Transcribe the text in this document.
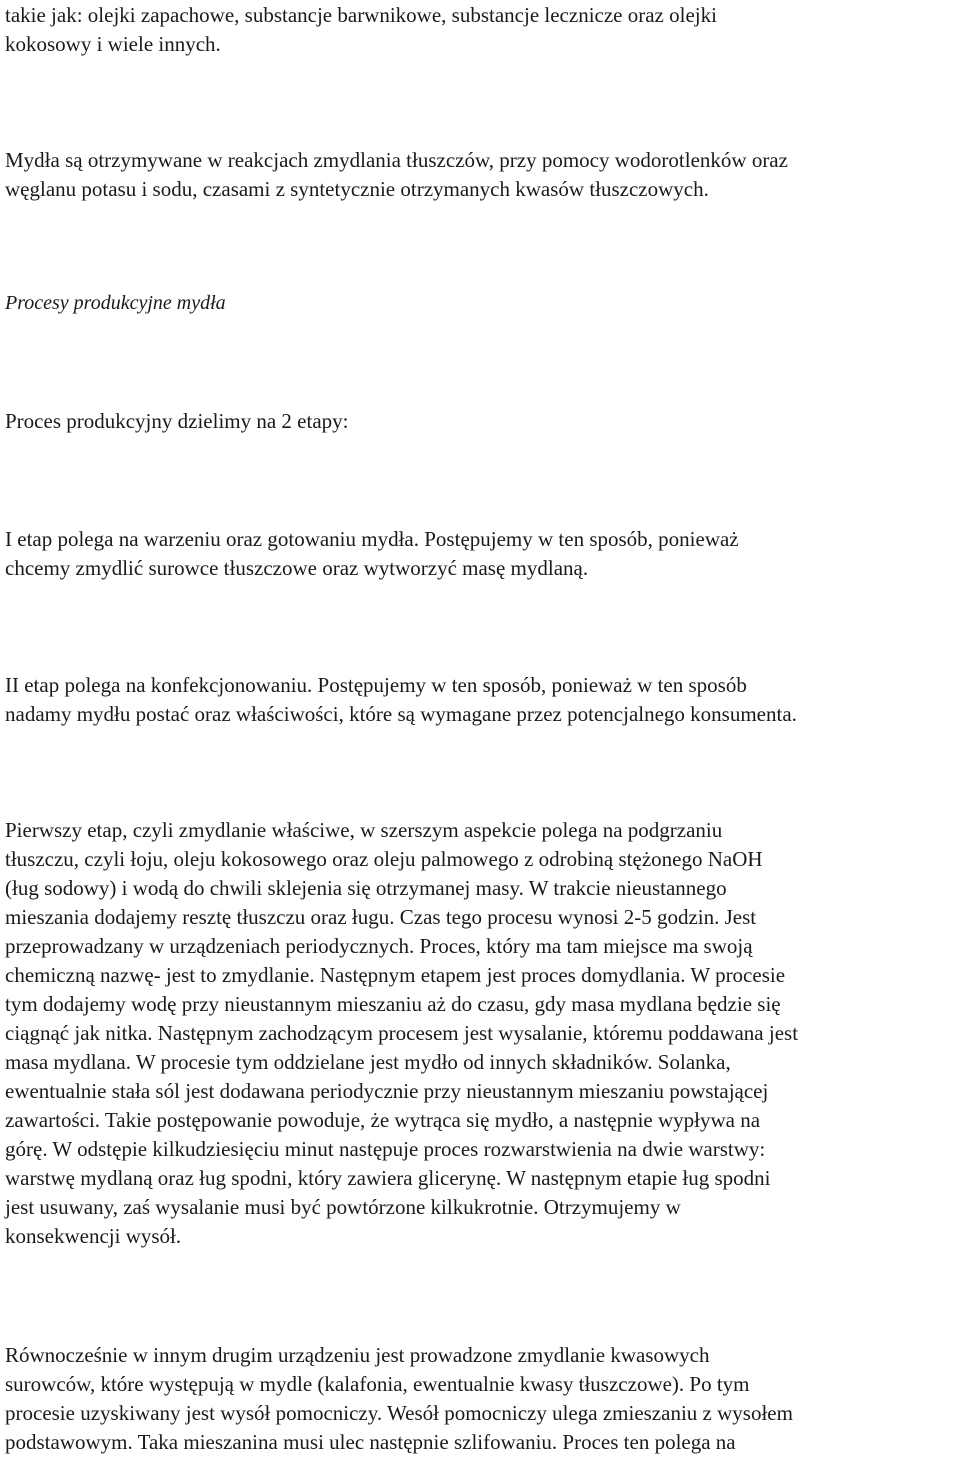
takie jak: olejki zapachowe, substancje barwnikowe, substancje lecznicze oraz olejki
kokosowy i wiele innych.

Mydła są otrzymywane w reakcjach zmydlania tłuszczów, przy pomocy wodorotlenków oraz
węglanu potasu i sodu, czasami z syntetycznie otrzymanych kwasów tłuszczowych.

Procesy produkcyjne mydła

Proces produkcyjny dzielimy na 2 etapy:

I etap polega na warzeniu oraz gotowaniu mydła. Postępujemy w ten sposób, ponieważ
chcemy zmydlić surowce tłuszczowe oraz wytworzyć masę mydlaną.

II etap polega na konfekcjonowaniu. Postępujemy w ten sposób, ponieważ w ten sposób
nadamy mydłu postać oraz właściwości, które są wymagane przez potencjalnego konsumenta.

Pierwszy etap, czyli zmydlanie właściwe, w szerszym aspekcie polega na podgrzaniu
tłuszczu, czyli łoju, oleju kokosowego oraz oleju palmowego z odrobiną stężonego NaOH
(ług sodowy) i wodą do chwili sklejenia się otrzymanej masy. W trakcie nieustannego
mieszania dodajemy resztę tłuszczu oraz ługu. Czas tego procesu wynosi 2-5 godzin. Jest
przeprowadzany w urządzeniach periodycznych. Proces, który ma tam miejsce ma swoją
chemiczną nazwę- jest to zmydlanie. Następnym etapem jest proces domydlania. W procesie
tym dodajemy wodę przy nieustannym mieszaniu aż do czasu, gdy masa mydlana będzie się
ciągnąć jak nitka. Następnym zachodzącym procesem jest wysalanie, któremu poddawana jest
masa mydlana. W procesie tym oddzielane jest mydło od innych składników. Solanka,
ewentualnie stała sól jest dodawana periodycznie przy nieustannym mieszaniu powstającej
zawartości. Takie postępowanie powoduje, że wytrąca się mydło, a następnie wypływa na
górę. W odstępie kilkudziesięciu minut następuje proces rozwarstwienia na dwie warstwy:
warstwę mydlaną oraz ług spodni, który zawiera glicerynę. W następnym etapie ług spodni
jest usuwany, zaś wysalanie musi być powtórzone kilkukrotnie. Otrzymujemy w
konsekwencji wysół.

Równocześnie w innym drugim urządzeniu jest prowadzone zmydlanie kwasowych
surowców, które występują w mydle (kalafonia, ewentualnie kwasy tłuszczowe). Po tym
procesie uzyskiwany jest wysół pomocniczy. Wesół pomocniczy ulega zmieszaniu z wysołem
podstawowym. Taka mieszanina musi ulec następnie szlifowaniu. Proces ten polega na
